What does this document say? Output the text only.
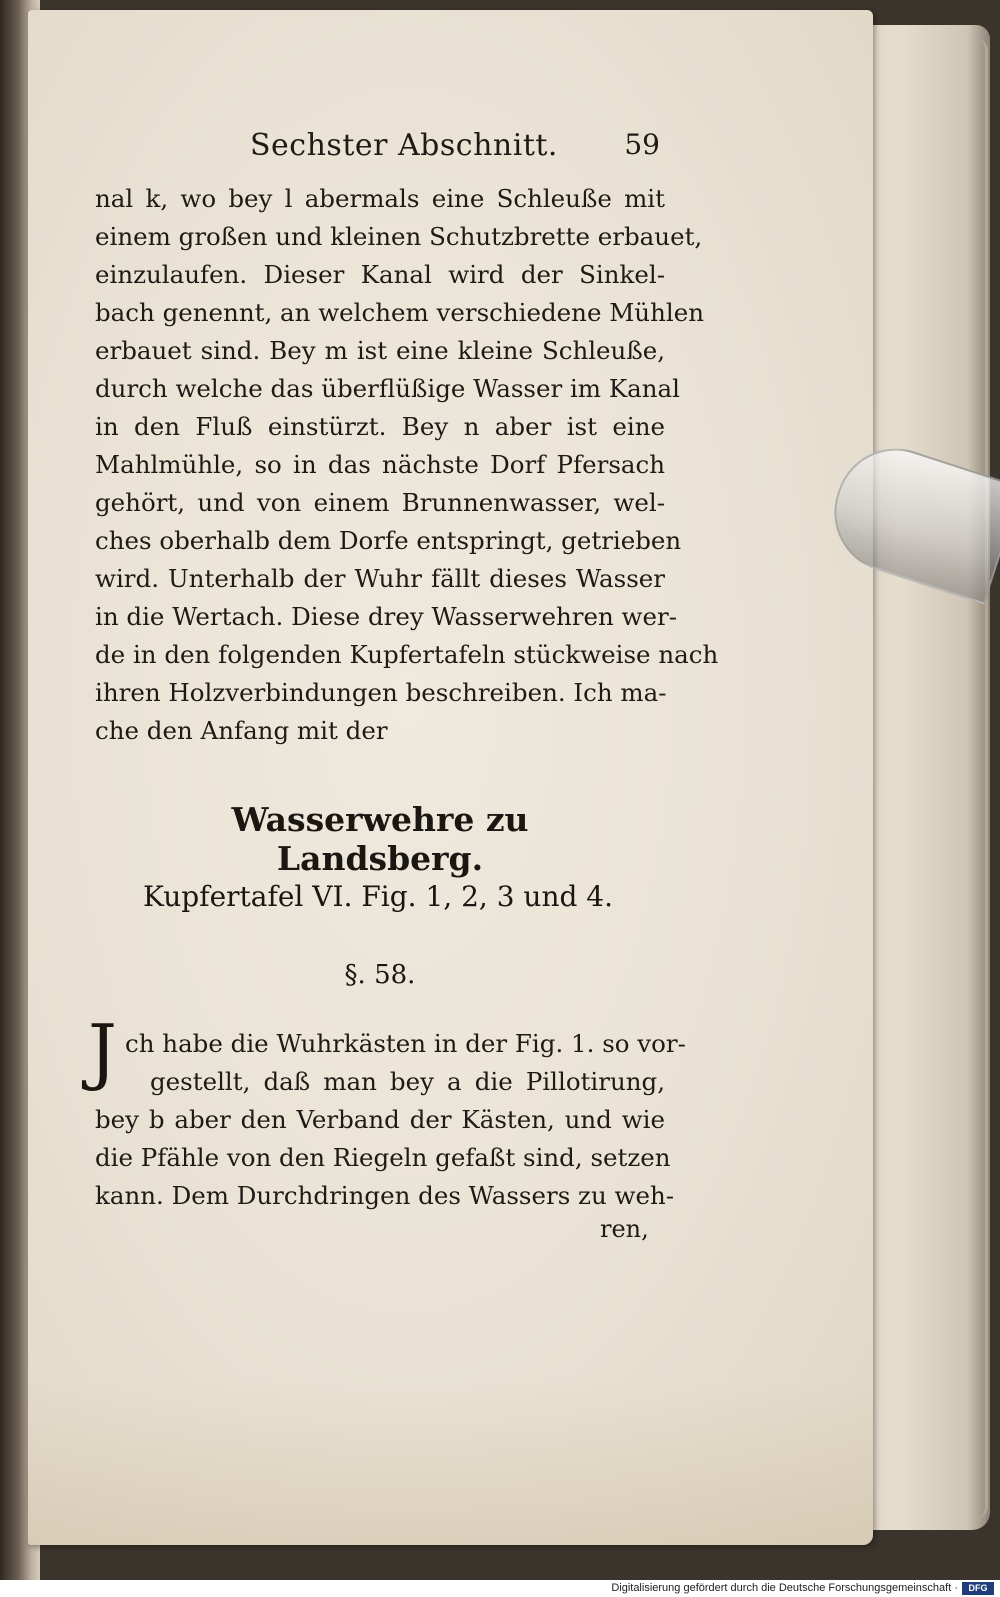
Sechster Abschnitt. 59
nal k, wo bey l abermals eine Schleuße mit
einem großen und kleinen Schutzbrette erbauet,
einzulaufen. Dieser Kanal wird der Sinkel-
bach genennt, an welchem verschiedene Mühlen
erbauet sind. Bey m ist eine kleine Schleuße,
durch welche das überflüßige Wasser im Kanal
in den Fluß einstürzt. Bey n aber ist eine
Mahlmühle, so in das nächste Dorf Pfersach
gehört, und von einem Brunnenwasser, wel-
ches oberhalb dem Dorfe entspringt, getrieben
wird. Unterhalb der Wuhr fällt dieses Wasser
in die Wertach. Diese drey Wasserwehren wer-
de in den folgenden Kupfertafeln stückweise nach
ihren Holzverbindungen beschreiben. Ich ma-
che den Anfang mit der
Wasserwehre zu Landsberg.
Kupfertafel VI. Fig. 1, 2, 3 und 4.
§. 58.
J ch habe die Wuhrkästen in der Fig. 1. so vor-
gestellt, daß man bey a die Pillotirung,
bey b aber den Verband der Kästen, und wie
die Pfähle von den Riegeln gefaßt sind, setzen
kann. Dem Durchdringen des Wassers zu weh-
ren,
Digitalisierung gefördert durch die Deutsche Forschungsgemeinschaft ·	DFG
